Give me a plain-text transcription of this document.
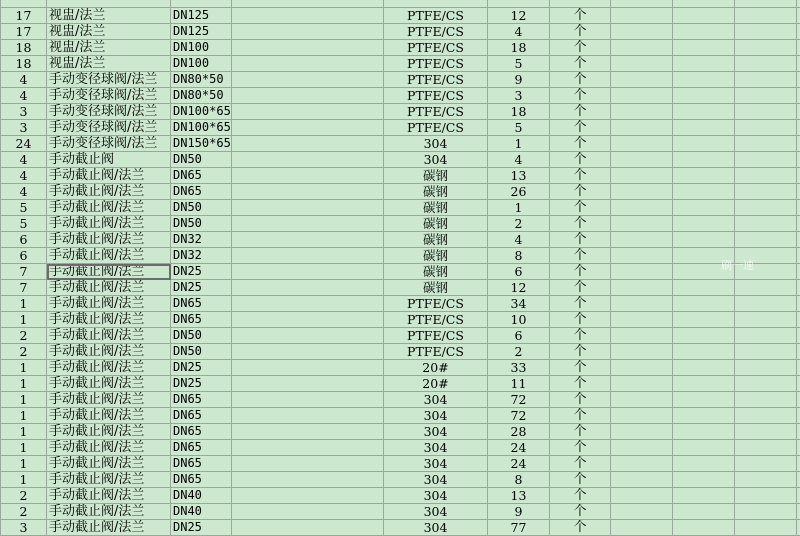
17	视盅/法兰	DN125		PTFE/CS	12	个					
17	视盅/法兰	DN125		PTFE/CS	4	个					
18	视盅/法兰	DN100		PTFE/CS	18	个					
18	视盅/法兰	DN100		PTFE/CS	5	个					
4	手动变径球阀/法兰	DN80*50		PTFE/CS	9	个					
4	手动变径球阀/法兰	DN80*50		PTFE/CS	3	个					
3	手动变径球阀/法兰	DN100*65		PTFE/CS	18	个					
3	手动变径球阀/法兰	DN100*65		PTFE/CS	5	个					
24	手动变径球阀/法兰	DN150*65		304	1	个					
4	手动截止阀	DN50		304	4	个					
4	手动截止阀/法兰	DN65		碳钢	13	个					
4	手动截止阀/法兰	DN65		碳钢	26	个					
5	手动截止阀/法兰	DN50		碳钢	1	个					
5	手动截止阀/法兰	DN50		碳钢	2	个					
6	手动截止阀/法兰	DN32		碳钢	4	个					
6	手动截止阀/法兰	DN32		碳钢	8	个					
7	手动截止阀/法兰	DN25		碳钢	6	个					
7	手动截止阀/法兰	DN25		碳钢	12	个					
1	手动截止阀/法兰	DN65		PTFE/CS	34	个					
1	手动截止阀/法兰	DN65		PTFE/CS	10	个					
2	手动截止阀/法兰	DN50		PTFE/CS	6	个					
2	手动截止阀/法兰	DN50		PTFE/CS	2	个					
1	手动截止阀/法兰	DN25		20#	33	个					
1	手动截止阀/法兰	DN25		20#	11	个					
1	手动截止阀/法兰	DN65		304	72	个					
1	手动截止阀/法兰	DN65		304	72	个					
1	手动截止阀/法兰	DN65		304	28	个					
1	手动截止阀/法兰	DN65		304	24	个					
1	手动截止阀/法兰	DN65		304	24	个					
1	手动截止阀/法兰	DN65		304	8	个					
2	手动截止阀/法兰	DN40		304	13	个					
2	手动截止阀/法兰	DN40		304	9	个					
3	手动截止阀/法兰	DN25		304	77	个					
刷一速
